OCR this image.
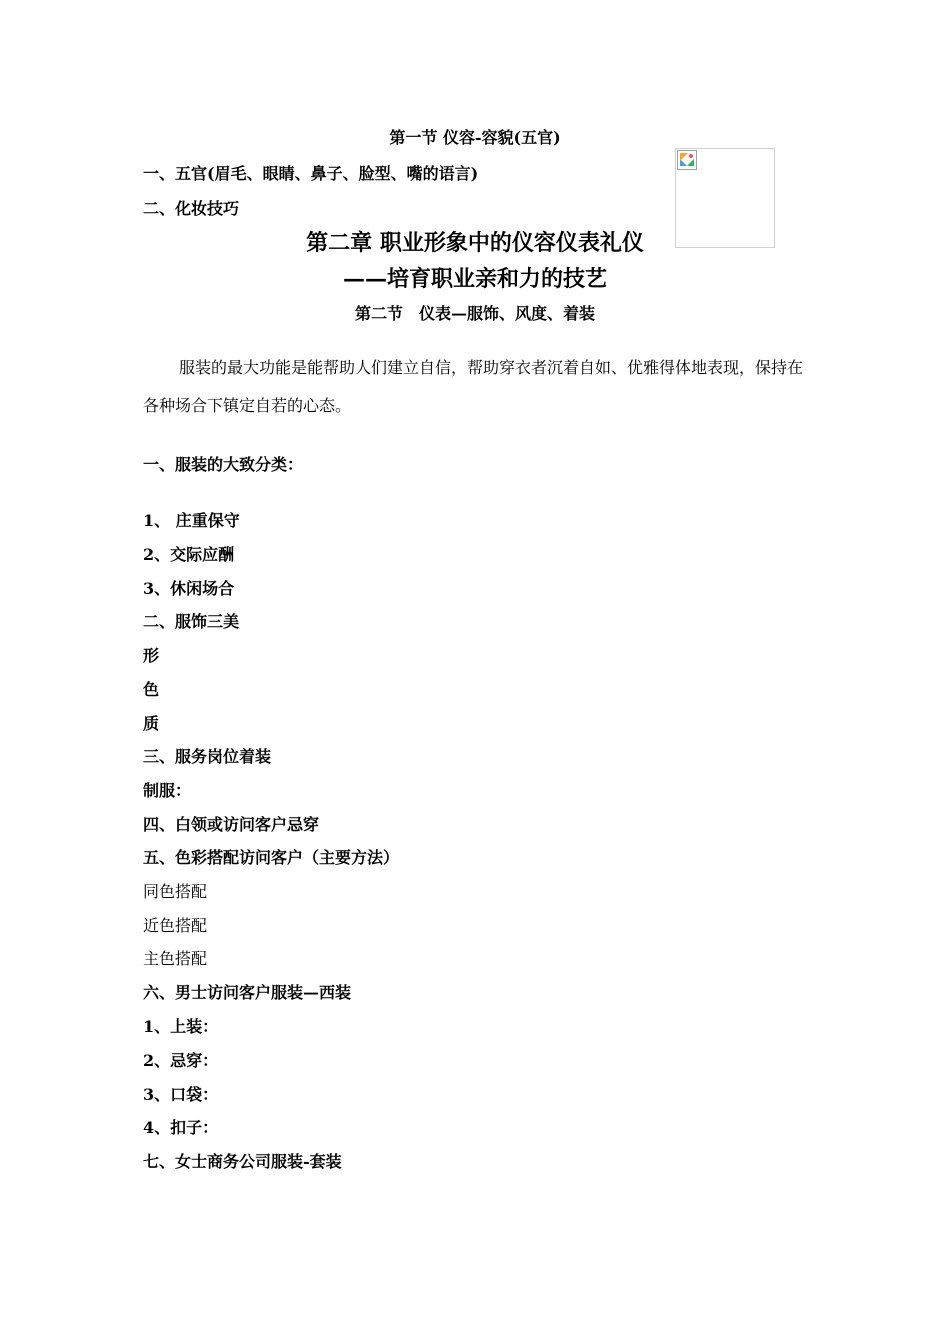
第一节 仪容-容貌(五官)
一、五官(眉毛、眼睛、鼻子、脸型、嘴的语言)
二、化妆技巧
第二章 职业形象中的仪容仪表礼仪
——培育职业亲和力的技艺
第二节　仪表—服饰、风度、着装
服装的最大功能是能帮助人们建立自信，帮助穿衣者沉着自如、优雅得体地表现，保持在各种场合下镇定自若的心态。
一、服装的大致分类：
1、 庄重保守
2、交际应酬
3、休闲场合
二、服饰三美
形
色
质
三、服务岗位着装
制服：
四、白领或访问客户忌穿
五、色彩搭配访问客户（主要方法）
同色搭配
近色搭配
主色搭配
六、男士访问客户服装—西装
1、上装：
2、忌穿：
3、口袋：
4、扣子：
七、女士商务公司服装-套装
